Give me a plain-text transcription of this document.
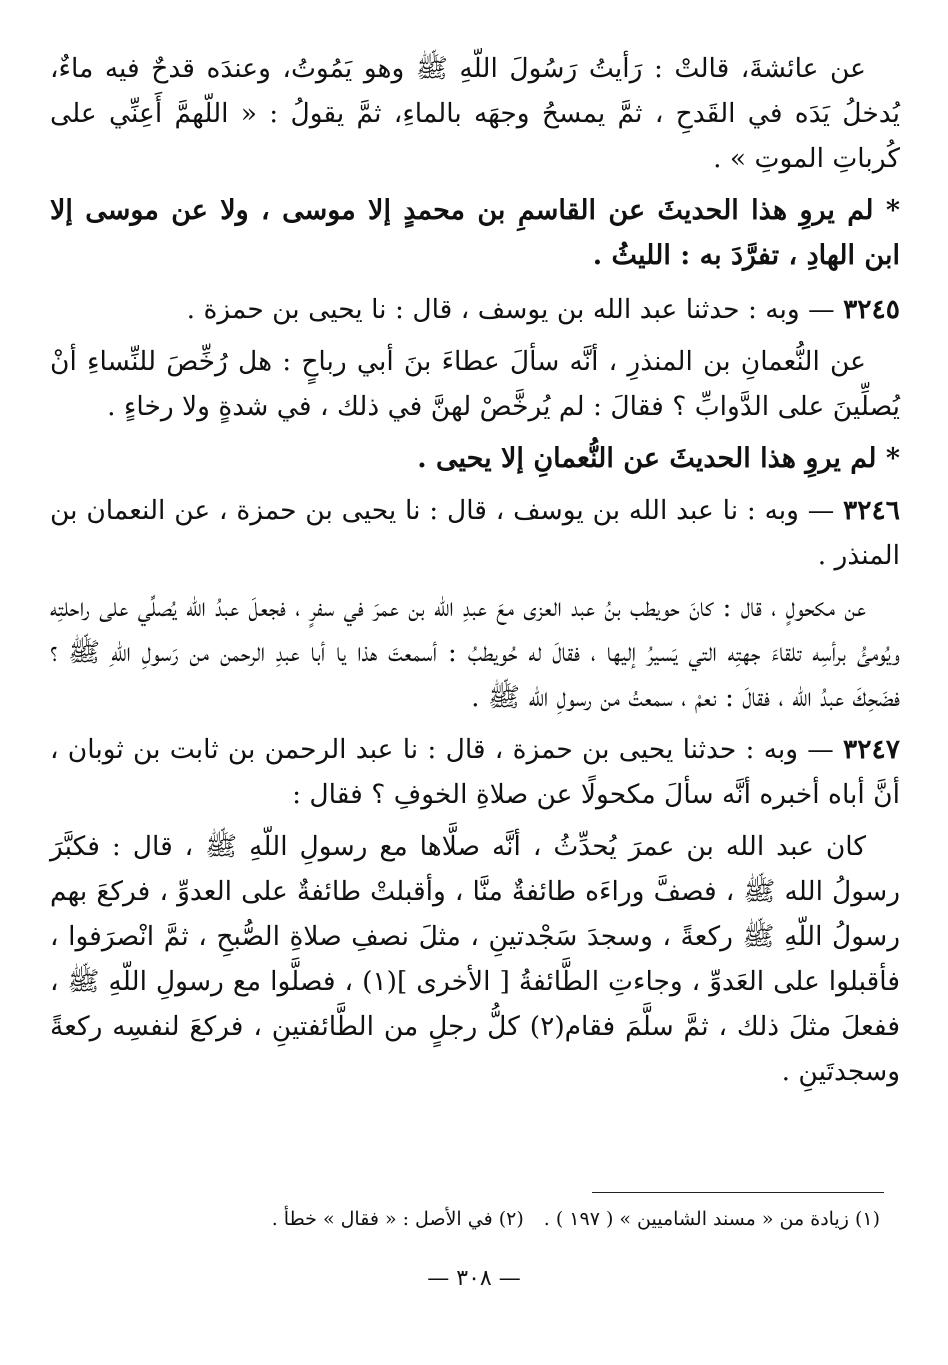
عن عائشةَ، قالتْ : رَأيتُ رَسُولَ اللّهِ ﷺ وهو يَمُوتُ، وعندَه قدحٌ فيه ماءٌ، يُدخلُ يَدَه في القَدحِ ، ثمَّ يمسحُ وجهَه بالماءِ، ثمَّ يقولُ : « اللّهمَّ أَعِنِّي على كُرباتِ الموتِ » .

* لم يروِ هذا الحديثَ عن القاسمِ بن محمدٍ إلا موسى ، ولا عن موسى إلا ابن الهادِ ، تفرَّدَ به : الليثُ .

٣٢٤٥ — وبه : حدثنا عبد الله بن يوسف ، قال : نا يحيى بن حمزة .

عن النُّعمانِ بن المنذرِ ، أنَّه سألَ عطاءَ بنَ أبي رباحٍ : هل رُخِّصَ للنِّساءِ أنْ يُصلِّينَ على الدَّوابِّ ؟ فقالَ : لم يُرخَّصْ لهنَّ في ذلك ، في شدةٍ ولا رخاءٍ .

* لم يروِ هذا الحديثَ عن النُّعمانِ إلا يحيى .

٣٢٤٦ — وبه : نا عبد الله بن يوسف ، قال : نا يحيى بن حمزة ، عن النعمان بن المنذر .

عن مكحولٍ ، قال : كانَ حويطب بنُ عبد العزى معَ عبدِ الله بن عمرَ في سفرٍ ، فجعلَ عبدُ الله يُصلِّي على راحلتِه ويُومئُ برأسِه تلقاءَ جهتِه التي يَسيرُ إليها ، فقالَ له حُويطبُ : أسمعتَ هذا يا أبا عبدِ الرحمن من رَسولِ اللّهِ ﷺ ؟ فضَحِكَ عبدُ الله ، فقالَ : نعمْ ، سمعتُ من رسولِ الله ﷺ .

٣٢٤٧ — وبه : حدثنا يحيى بن حمزة ، قال : نا عبد الرحمن بن ثابت بن ثوبان ، أنَّ أباه أخبره أنَّه سألَ مكحولًا عن صلاةِ الخوفِ ؟ فقال :

كان عبد الله بن عمرَ يُحدِّثُ ، أنَّه صلَّاها مع رسولِ اللّهِ ﷺ ، قال : فكبَّرَ رسولُ الله ﷺ ، فصفَّ وراءَه طائفةٌ منَّا ، وأقبلتْ طائفةٌ على العدوِّ ، فركعَ بهم رسولُ اللّهِ ﷺ ركعةً ، وسجدَ سَجْدتينِ ، مثلَ نصفِ صلاةِ الصُّبحِ ، ثمَّ انْصرَفوا ، فأقبلوا على العَدوِّ ، وجاءتِ الطَّائفةُ [ الأخرى ](١) ، فصلَّوا مع رسولِ اللّهِ ﷺ ، ففعلَ مثلَ ذلك ، ثمَّ سلَّمَ فقام(٢) كلُّ رجلٍ من الطَّائفتينِ ، فركعَ لنفسِه ركعةً وسجدتَينِ .

(١) زيادة من « مسند الشاميين » ( ١٩٧ ) .(٢) في الأصل : « فقال » خطأ .
— ٣٠٨ —
